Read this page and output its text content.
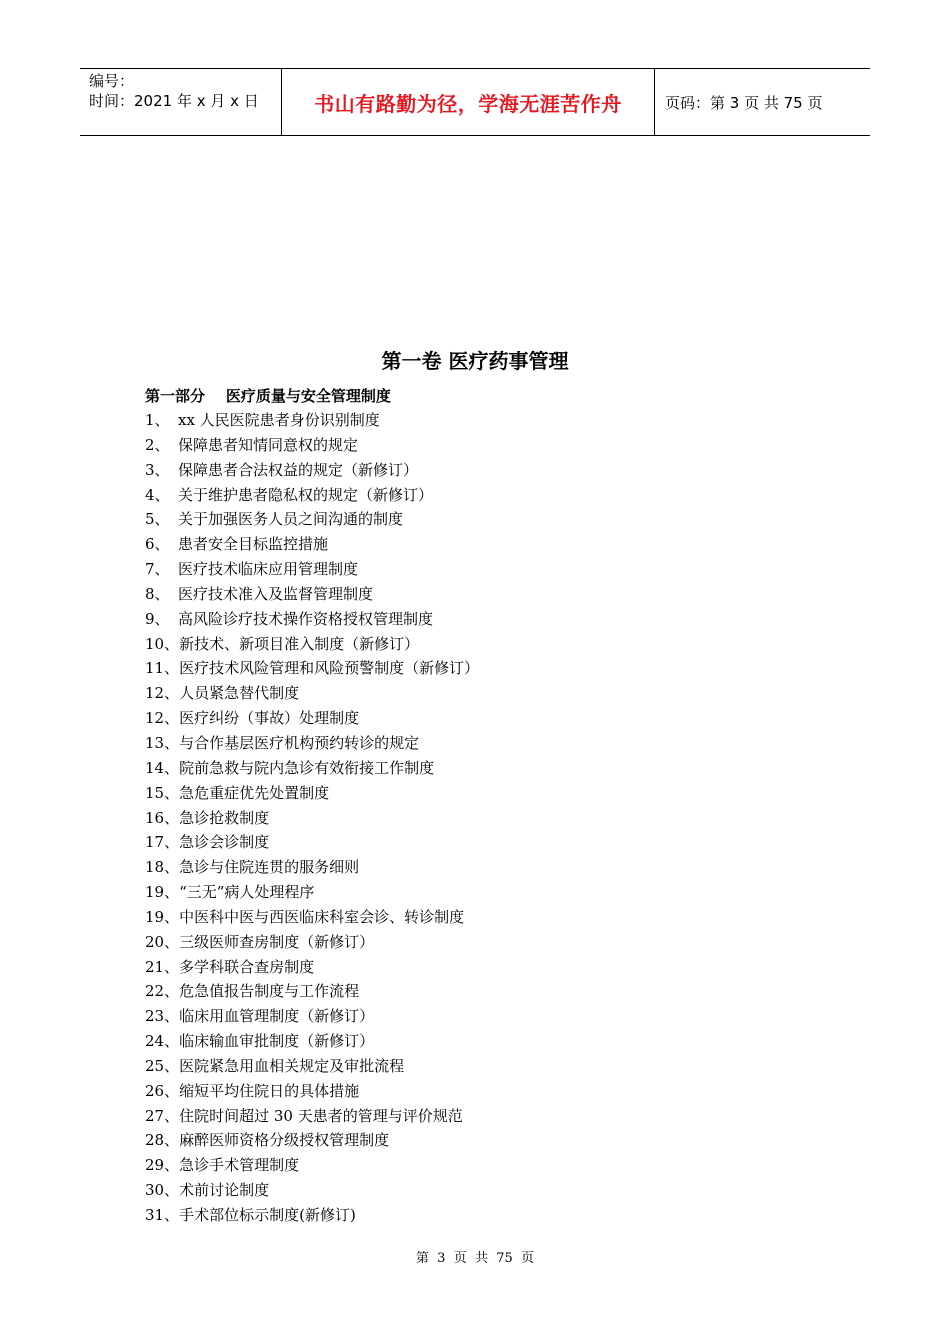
编号：
时间：2021 年 x 月 x 日	书山有路勤为径，学海无涯苦作舟	页码：第 3 页 共 75 页
第一卷 医疗药事管理
第一部分    医疗质量与安全管理制度
1、 xx 人民医院患者身份识别制度
2、 保障患者知情同意权的规定
3、 保障患者合法权益的规定（新修订）
4、 关于维护患者隐私权的规定（新修订）
5、 关于加强医务人员之间沟通的制度
6、 患者安全目标监控措施
7、 医疗技术临床应用管理制度
8、 医疗技术准入及监督管理制度
9、 高风险诊疗技术操作资格授权管理制度
10、 新技术、新项目准入制度（新修订）
11、 医疗技术风险管理和风险预警制度（新修订）
12、 人员紧急替代制度
12、 医疗纠纷（事故）处理制度
13、 与合作基层医疗机构预约转诊的规定
14、 院前急救与院内急诊有效衔接工作制度
15、 急危重症优先处置制度
16、 急诊抢救制度
17、 急诊会诊制度
18、 急诊与住院连贯的服务细则
19、 “三无”病人处理程序
19、 中医科中医与西医临床科室会诊、转诊制度
20、 三级医师查房制度（新修订）
21、 多学科联合查房制度
22、 危急值报告制度与工作流程
23、 临床用血管理制度（新修订）
24、 临床输血审批制度（新修订）
25、 医院紧急用血相关规定及审批流程
26、 缩短平均住院日的具体措施
27、 住院时间超过 30 天患者的管理与评价规范
28、 麻醉医师资格分级授权管理制度
29、 急诊手术管理制度
30、 术前讨论制度
31、 手术部位标示制度(新修订)
第  3  页  共  75  页
